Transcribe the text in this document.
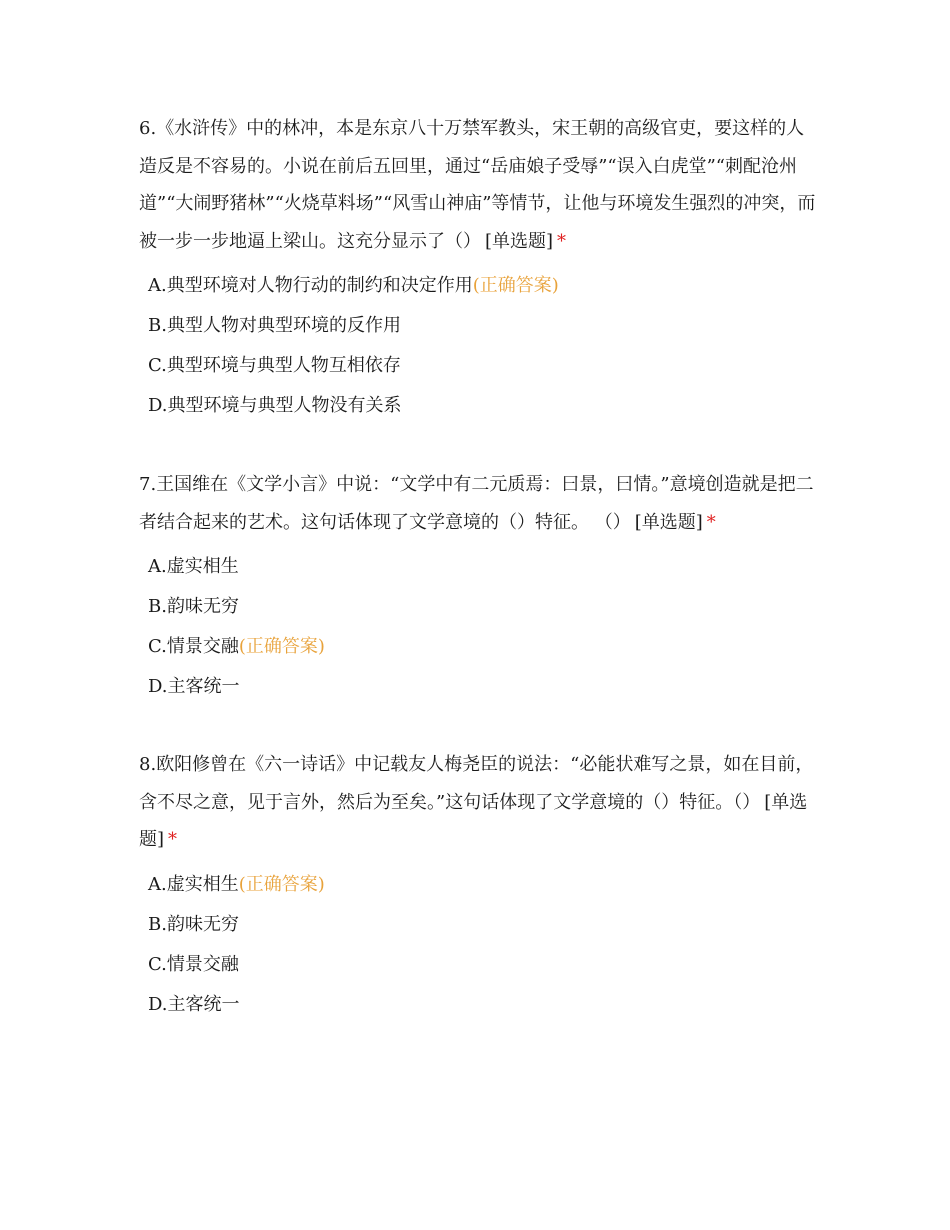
6.《水浒传》中的林冲，本是东京八十万禁军教头，宋王朝的高级官吏，要这样的人造反是不容易的。小说在前后五回里，通过“岳庙娘子受辱”“误入白虎堂”“刺配沧州道”“大闹野猪林”“火烧草料场”“风雪山神庙”等情节，让他与环境发生强烈的冲突，而被一步一步地逼上梁山。这充分显示了（） [单选题] *

A.典型环境对人物行动的制约和决定作用(正确答案)
B.典型人物对典型环境的反作用
C.典型环境与典型人物互相依存
D.典型环境与典型人物没有关系

7.王国维在《文学小言》中说：“文学中有二元质焉：曰景，曰情。”意境创造就是把二者结合起来的艺术。这句话体现了文学意境的（）特征。 （） [单选题] *

A.虚实相生
B.韵味无穷
C.情景交融(正确答案)
D.主客统一

8.欧阳修曾在《六一诗话》中记载友人梅尧臣的说法：“必能状难写之景，如在目前，含不尽之意，见于言外，然后为至矣。”这句话体现了文学意境的（）特征。（） [单选题] *

A.虚实相生(正确答案)
B.韵味无穷
C.情景交融
D.主客统一
